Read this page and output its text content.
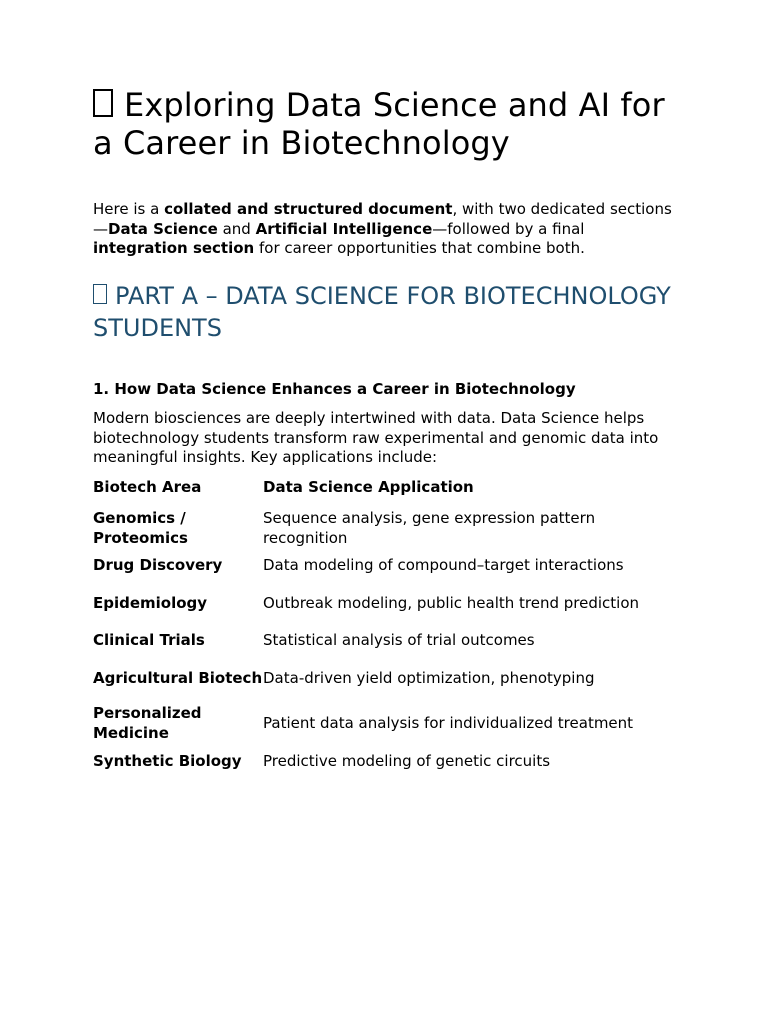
Exploring Data Science and AI for a Career in Biotechnology

Here is a collated and structured document, with two dedicated sections—Data Science and Artificial Intelligence—followed by a final integration section for career opportunities that combine both.

PART A – DATA SCIENCE FOR BIOTECHNOLOGY STUDENTS
1. How Data Science Enhances a Career in Biotechnology

Modern biosciences are deeply intertwined with data. Data Science helps biotechnology students transform raw experimental and genomic data into meaningful insights. Key applications include:

Biotech Area	Data Science Application
Genomics / Proteomics	Sequence analysis, gene expression pattern recognition
Drug Discovery	Data modeling of compound–target interactions
Epidemiology	Outbreak modeling, public health trend prediction
Clinical Trials	Statistical analysis of trial outcomes
Agricultural Biotech	Data-driven yield optimization, phenotyping
Personalized Medicine	Patient data analysis for individualized treatment
Synthetic Biology	Predictive modeling of genetic circuits
